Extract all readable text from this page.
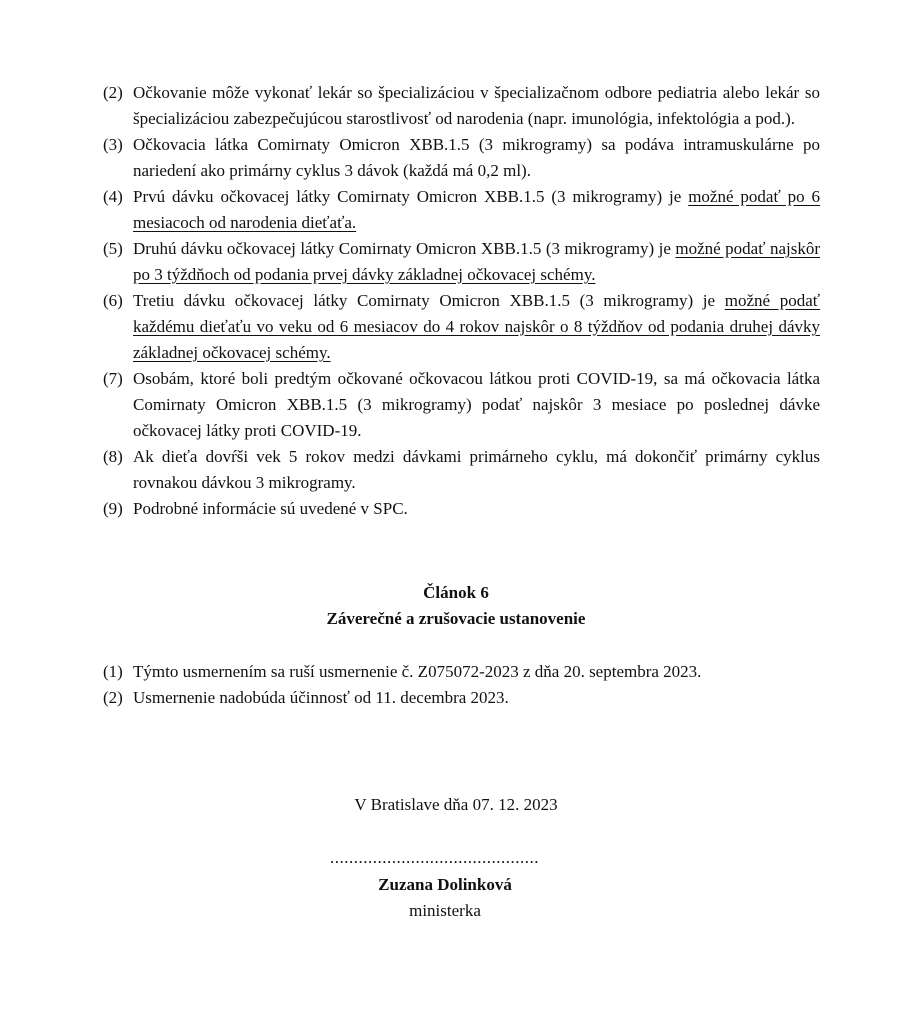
(2) Očkovanie môže vykonať lekár so špecializáciou v špecializačnom odbore pediatria alebo lekár so špecializáciou zabezpečujúcou starostlivosť od narodenia (napr. imunológia, infektológia a pod.).
(3) Očkovacia látka Comirnaty Omicron XBB.1.5 (3 mikrogramy) sa podáva intramuskulárne po nariedení ako primárny cyklus 3 dávok (každá má 0,2 ml).
(4) Prvú dávku očkovacej látky Comirnaty Omicron XBB.1.5 (3 mikrogramy) je možné podať po 6 mesiacoch od narodenia dieťaťa.
(5) Druhú dávku očkovacej látky Comirnaty Omicron XBB.1.5 (3 mikrogramy) je možné podať najskôr po 3 týždňoch od podania prvej dávky základnej očkovacej schémy.
(6) Tretiu dávku očkovacej látky Comirnaty Omicron XBB.1.5 (3 mikrogramy) je možné podať každému dieťaťu vo veku od 6 mesiacov do 4 rokov najskôr o 8 týždňov od podania druhej dávky základnej očkovacej schémy.
(7) Osobám, ktoré boli predtým očkované očkovacou látkou proti COVID-19, sa má očkovacia látka Comirnaty Omicron XBB.1.5 (3 mikrogramy) podať najskôr 3 mesiace po poslednej dávke očkovacej látky proti COVID-19.
(8) Ak dieťa dovŕši vek 5 rokov medzi dávkami primárneho cyklu, má dokončiť primárny cyklus rovnakou dávkou 3 mikrogramy.
(9) Podrobné informácie sú uvedené v SPC.
Článok 6
Záverečné a zrušovacie ustanovenie
(1) Týmto usmernením sa ruší usmernenie č. Z075072-2023 z dňa 20. septembra 2023.
(2) Usmernenie nadobúda účinnosť od 11. decembra 2023.
V Bratislave dňa 07. 12. 2023
............................................
Zuzana Dolinková
ministerka
